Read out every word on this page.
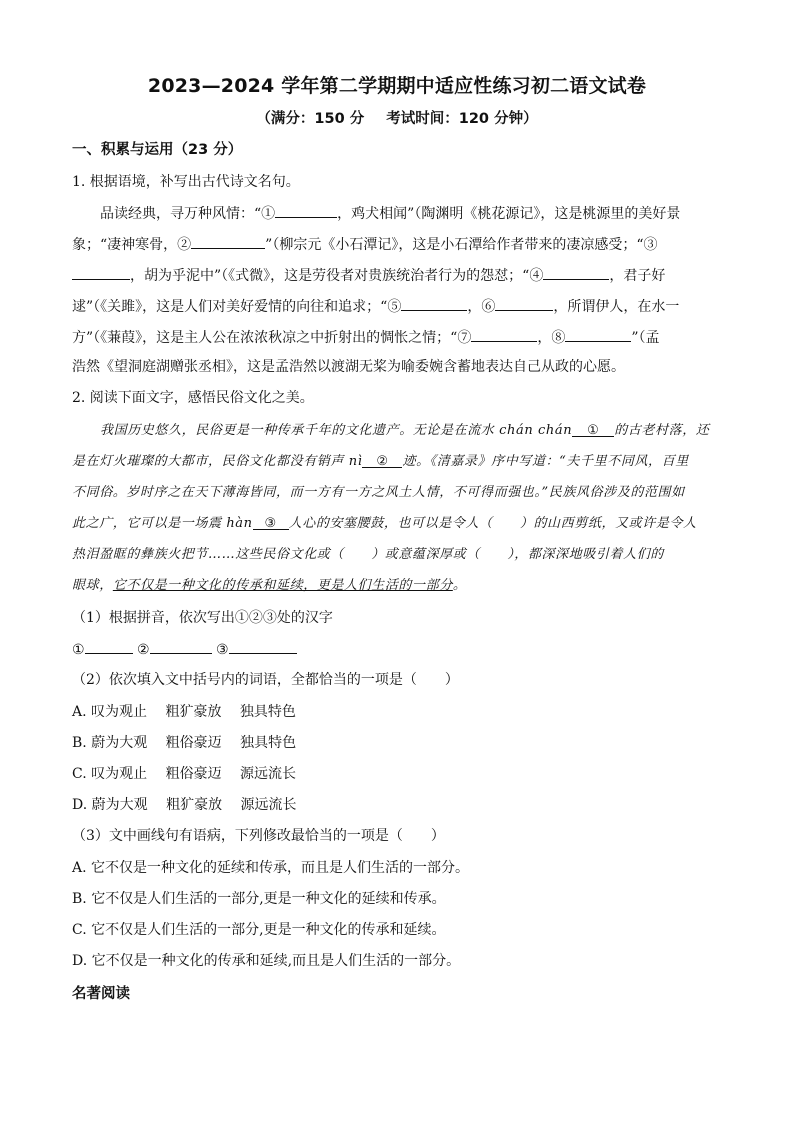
2023—2024 学年第二学期期中适应性练习初二语文试卷
（满分：150 分 考试时间：120 分钟）
一、积累与运用（23 分）
1. 根据语境，补写出古代诗文名句。
品读经典，寻万种风情：“①	，鸡犬相闻”（陶渊明《桃花源记》，这是桃源里的美好景
象；“凄神寒骨，②	”（柳宗元《小石潭记》，这是小石潭给作者带来的凄凉感受；“③
，胡为乎泥中”（《式微》，这是劳役者对贵族统治者行为的怨怼；“④	，君子好
逑”（《关雎》，这是人们对美好爱情的向往和追求；“⑤	，⑥	，所谓伊人，在水一
方”（《蒹葭》，这是主人公在浓浓秋凉之中折射出的惆怅之情；“⑦	，⑧	”（孟
浩然《望洞庭湖赠张丞相》，这是孟浩然以渡湖无桨为喻委婉含蓄地表达自己从政的心愿。
2. 阅读下面文字，感悟民俗文化之美。
我国历史悠久，民俗更是一种传承千年的文化遗产。无论是在流水 chán chán ① 的古老村落，还
是在灯火璀璨的大都市，民俗文化都没有销声 nì ② 迹。《清嘉录》序中写道：“夫千里不同风，百里
不同俗。岁时序之在天下薄海皆同，而一方有一方之风土人情，不可得而强也。”民族风俗涉及的范围如
此之广，它可以是一场震 hàn ③ 人心的安塞腰鼓，也可以是令人（　　）的山西剪纸，又或许是令人
热泪盈眶的彝族火把节……这些民俗文化或（　　）或意蕴深厚或（　　），都深深地吸引着人们的
眼球，它不仅是一种文化的传承和延续，更是人们生活的一部分。
（1）根据拼音，依次写出①②③处的汉字
①	②	③
（2）依次填入文中括号内的词语，全都恰当的一项是（　　）
A. 叹为观止　 粗犷豪放　 独具特色
B. 蔚为大观　 粗俗豪迈　 独具特色
C. 叹为观止　 粗俗豪迈　 源远流长
D. 蔚为大观　 粗犷豪放　 源远流长
（3）文中画线句有语病，下列修改最恰当的一项是（　　）
A. 它不仅是一种文化的延续和传承，而且是人们生活的一部分。
B. 它不仅是人们生活的一部分,更是一种文化的延续和传承。
C. 它不仅是人们生活的一部分,更是一种文化的传承和延续。
D. 它不仅是一种文化的传承和延续,而且是人们生活的一部分。
名著阅读
